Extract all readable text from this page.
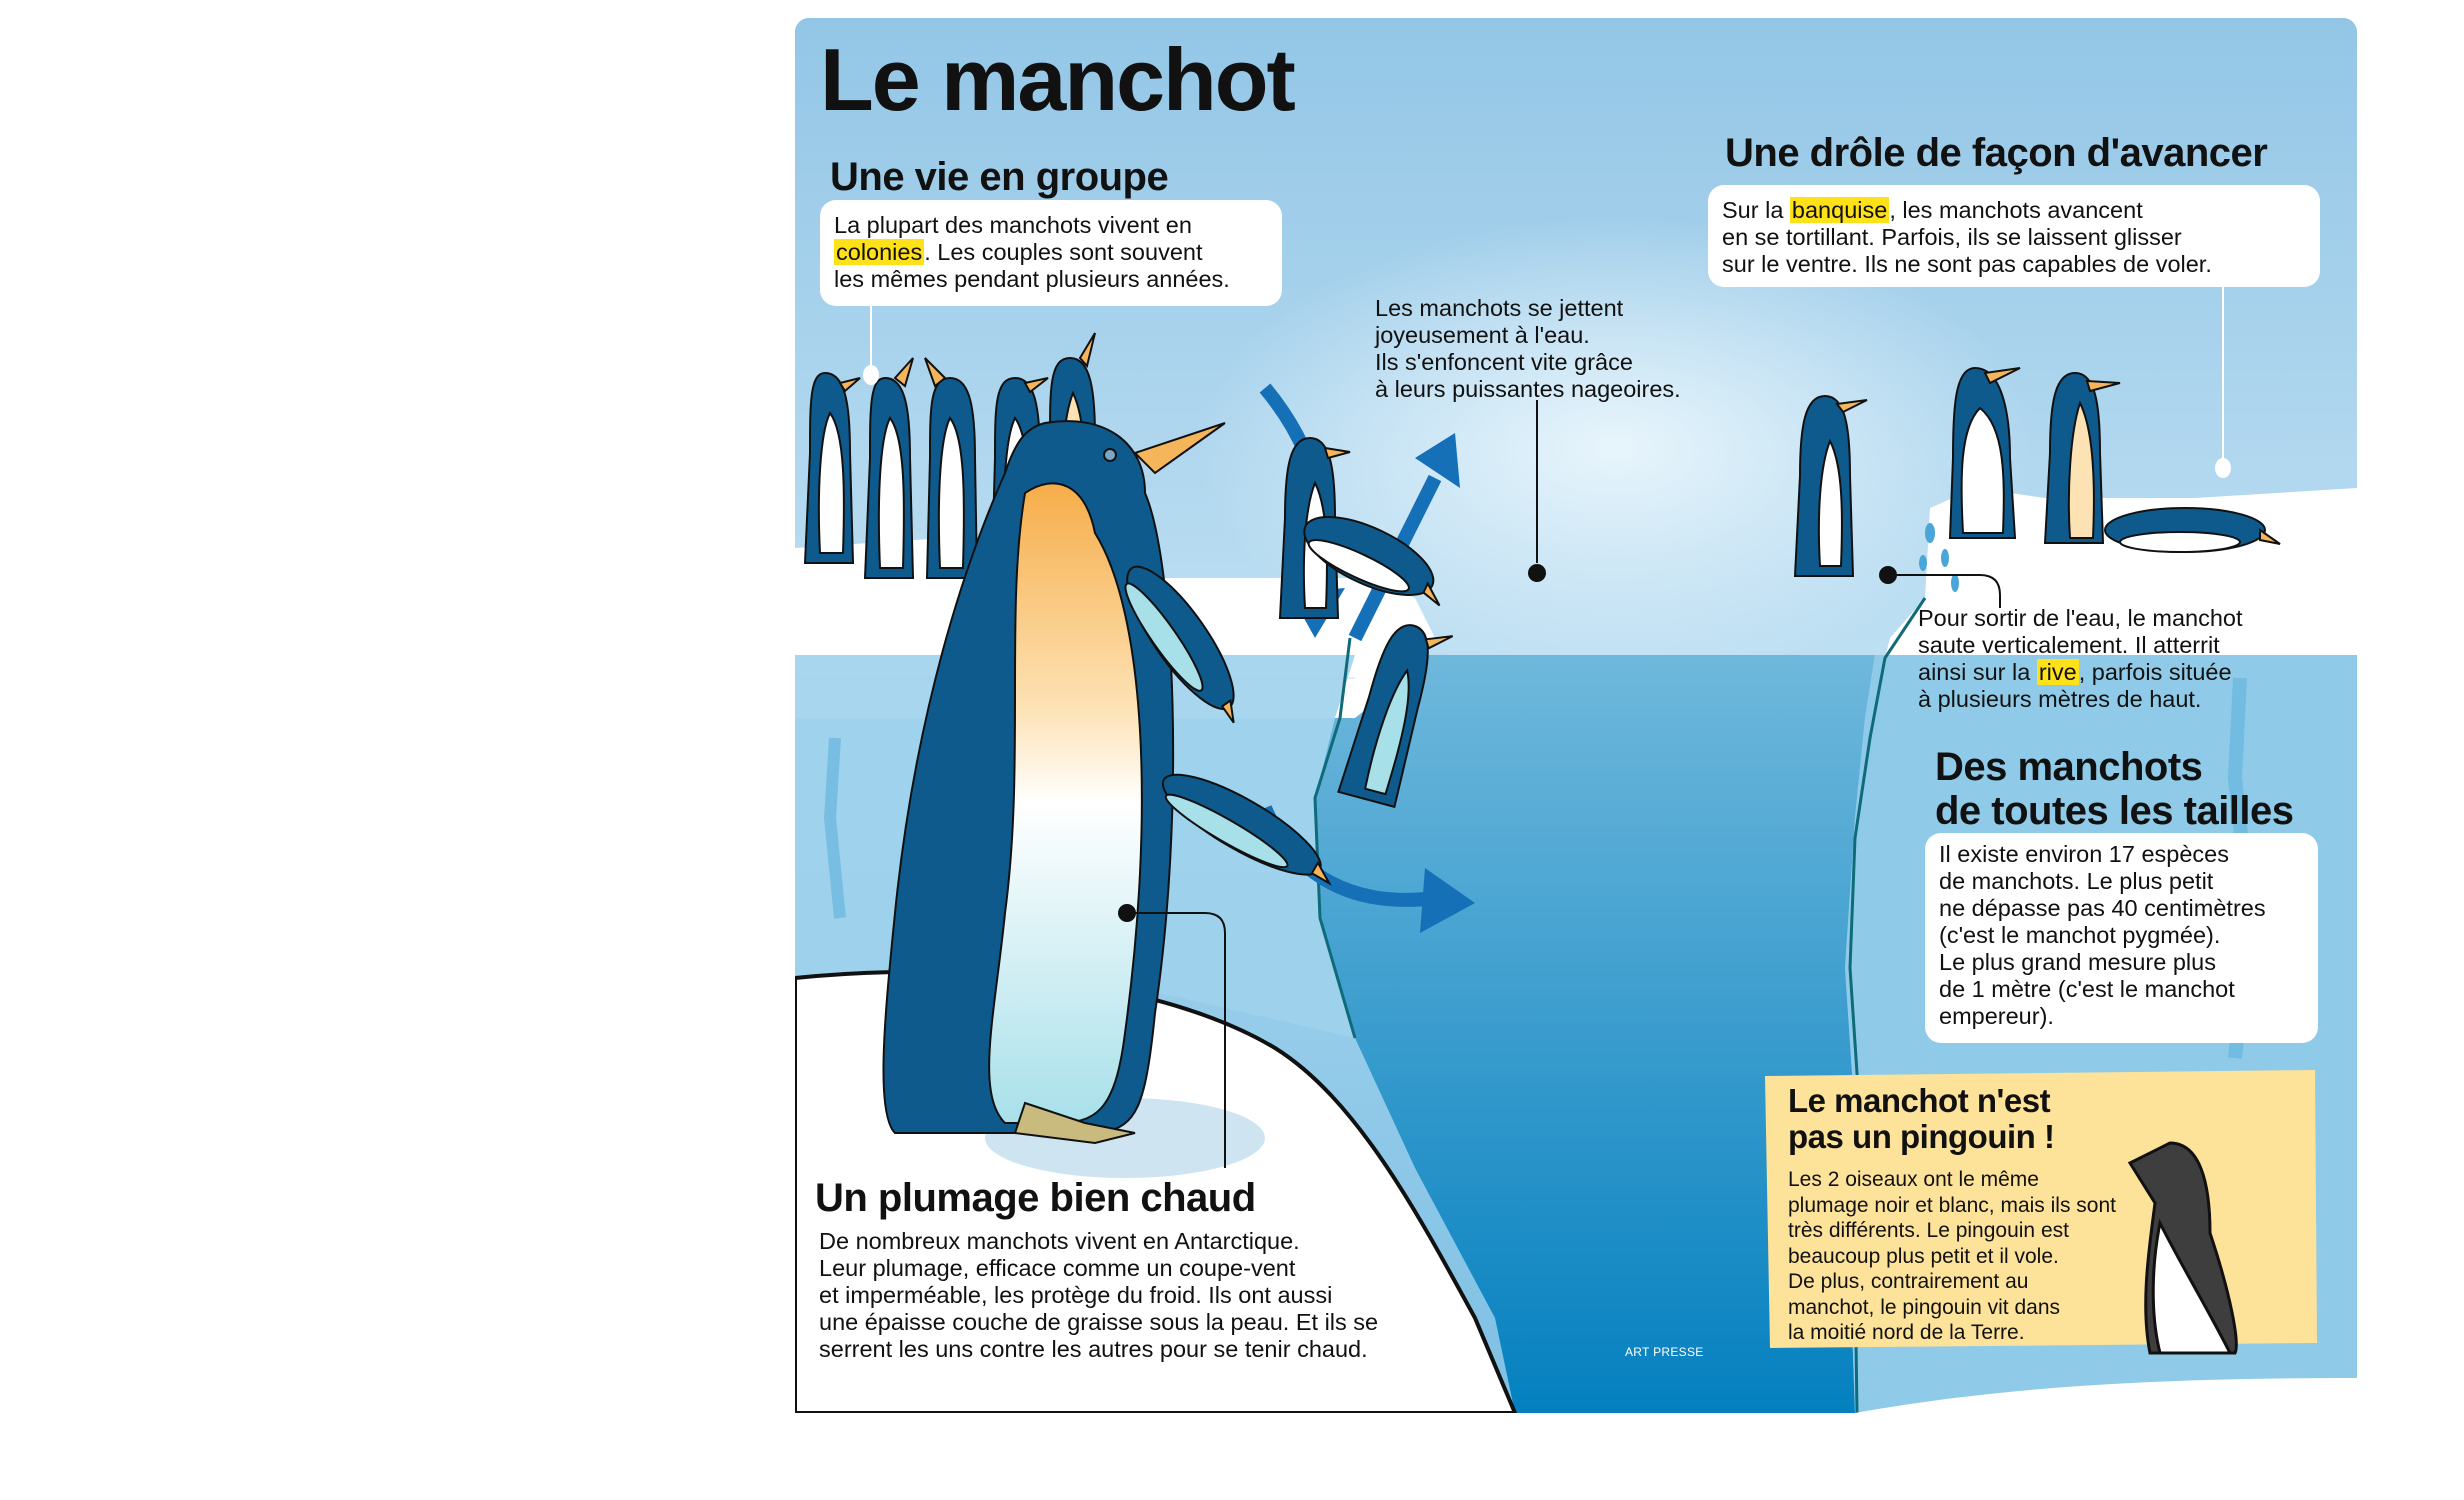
Le manchot
Une vie en groupe
La plupart des manchots vivent en
colonies. Les couples sont souvent
les mêmes pendant plusieurs années.
Une drôle de façon d'avancer
Sur la banquise, les manchots avancent
en se tortillant. Parfois, ils se laissent glisser
sur le ventre. Ils ne sont pas capables de voler.
Les manchots se jettent
joyeusement à l'eau.
Ils s'enfoncent vite grâce
à leurs puissantes nageoires.
Pour sortir de l'eau, le manchot
saute verticalement. Il atterrit
ainsi sur la rive, parfois située
à plusieurs mètres de haut.
Des manchots
de toutes les tailles
Il existe environ 17 espèces
de manchots. Le plus petit
ne dépasse pas 40 centimètres
(c'est le manchot pygmée).
Le plus grand mesure plus
de 1 mètre (c'est le manchot
empereur).
Le manchot n'est
pas un pingouin !
Les 2 oiseaux ont le même
plumage noir et blanc, mais ils sont
très différents. Le pingouin est
beaucoup plus petit et il vole.
De plus, contrairement au
manchot, le pingouin vit dans
la moitié nord de la Terre.
Un plumage bien chaud
De nombreux manchots vivent en Antarctique.
Leur plumage, efficace comme un coupe-vent
et imperméable, les protège du froid. Ils ont aussi
une épaisse couche de graisse sous la peau. Et ils se
serrent les uns contre les autres pour se tenir chaud.	ART PRESSE
